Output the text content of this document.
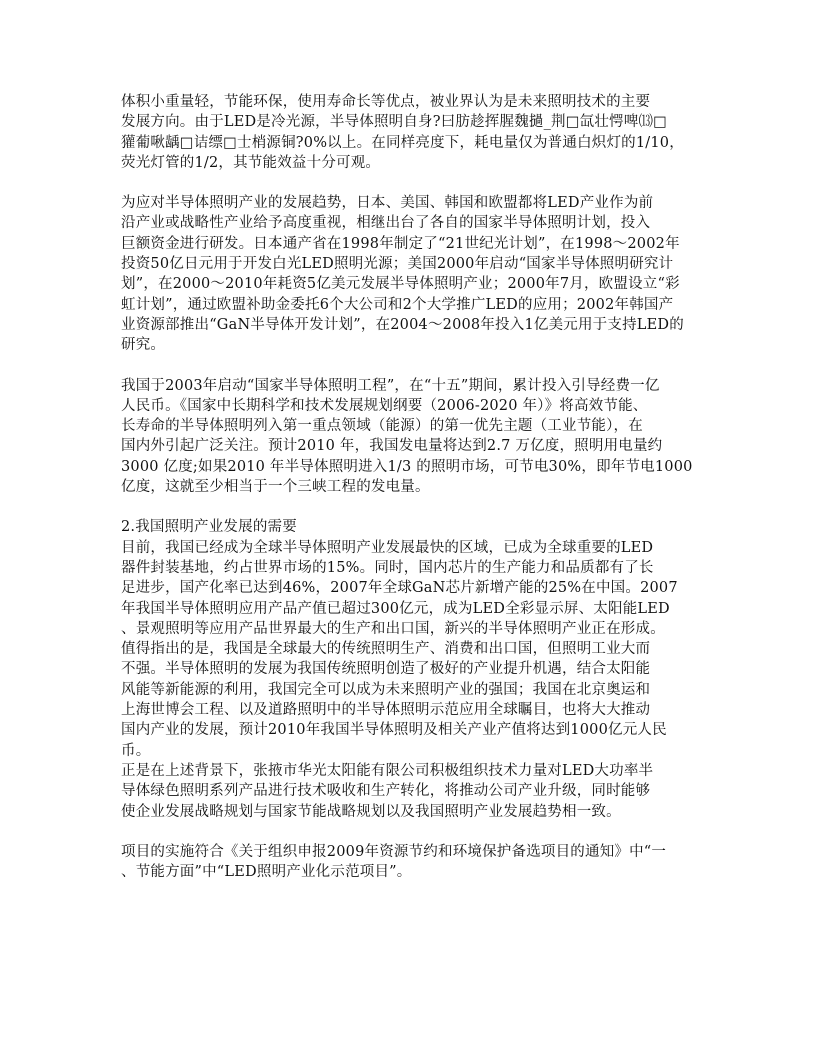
体积小重量轻，节能环保，使用寿命长等优点，被业界认为是未来照明技术的主要
发展方向。由于LED是冷光源，半导体照明自身?曰肪趁挥腥魏撾_荆□氙壮愕啤⒀□
獾葡啾龋□诘缥□士梢源铜?0%以上。在同样亮度下，耗电量仅为普通白炽灯的1/10，
荧光灯管的1/2，其节能效益十分可观。
为应对半导体照明产业的发展趋势，日本、美国、韩国和欧盟都将LED产业作为前
沿产业或战略性产业给予高度重视，相继出台了各自的国家半导体照明计划，投入
巨额资金进行研发。日本通产省在1998年制定了“21世纪光计划”，在1998～2002年
投资50亿日元用于开发白光LED照明光源；美国2000年启动“国家半导体照明研究计
划”，在2000～2010年耗资5亿美元发展半导体照明产业；2000年7月，欧盟设立“彩
虹计划”，通过欧盟补助金委托6个大公司和2个大学推广LED的应用；2002年韩国产
业资源部推出“GaN半导体开发计划”，在2004～2008年投入1亿美元用于支持LED的
研究。
我国于2003年启动“国家半导体照明工程”，在“十五”期间，累计投入引导经费一亿
人民币。《国家中长期科学和技术发展规划纲要（2006-2020 年）》将高效节能、
长寿命的半导体照明列入第一重点领域（能源）的第一优先主题（工业节能），在
国内外引起广泛关注。预计2010 年，我国发电量将达到2.7 万亿度，照明用电量约
3000 亿度;如果2010 年半导体照明进入1/3 的照明市场，可节电30%，即年节电1000
亿度，这就至少相当于一个三峡工程的发电量。
2.我国照明产业发展的需要
目前，我国已经成为全球半导体照明产业发展最快的区域，已成为全球重要的LED
器件封装基地，约占世界市场的15%。同时，国内芯片的生产能力和品质都有了长
足进步，国产化率已达到46%，2007年全球GaN芯片新增产能的25%在中国。2007
年我国半导体照明应用产品产值已超过300亿元，成为LED全彩显示屏、太阳能LED
、景观照明等应用产品世界最大的生产和出口国，新兴的半导体照明产业正在形成。
值得指出的是，我国是全球最大的传统照明生产、消费和出口国，但照明工业大而
不强。半导体照明的发展为我国传统照明创造了极好的产业提升机遇，结合太阳能
风能等新能源的利用，我国完全可以成为未来照明产业的强国；我国在北京奥运和
上海世博会工程、以及道路照明中的半导体照明示范应用全球瞩目，也将大大推动
国内产业的发展，预计2010年我国半导体照明及相关产业产值将达到1000亿元人民
币。
正是在上述背景下，张掖市华光太阳能有限公司积极组织技术力量对LED大功率半
导体绿色照明系列产品进行技术吸收和生产转化，将推动公司产业升级，同时能够
使企业发展战略规划与国家节能战略规划以及我国照明产业发展趋势相一致。
项目的实施符合《关于组织申报2009年资源节约和环境保护备选项目的通知》中“一
、节能方面”中“LED照明产业化示范项目”。
